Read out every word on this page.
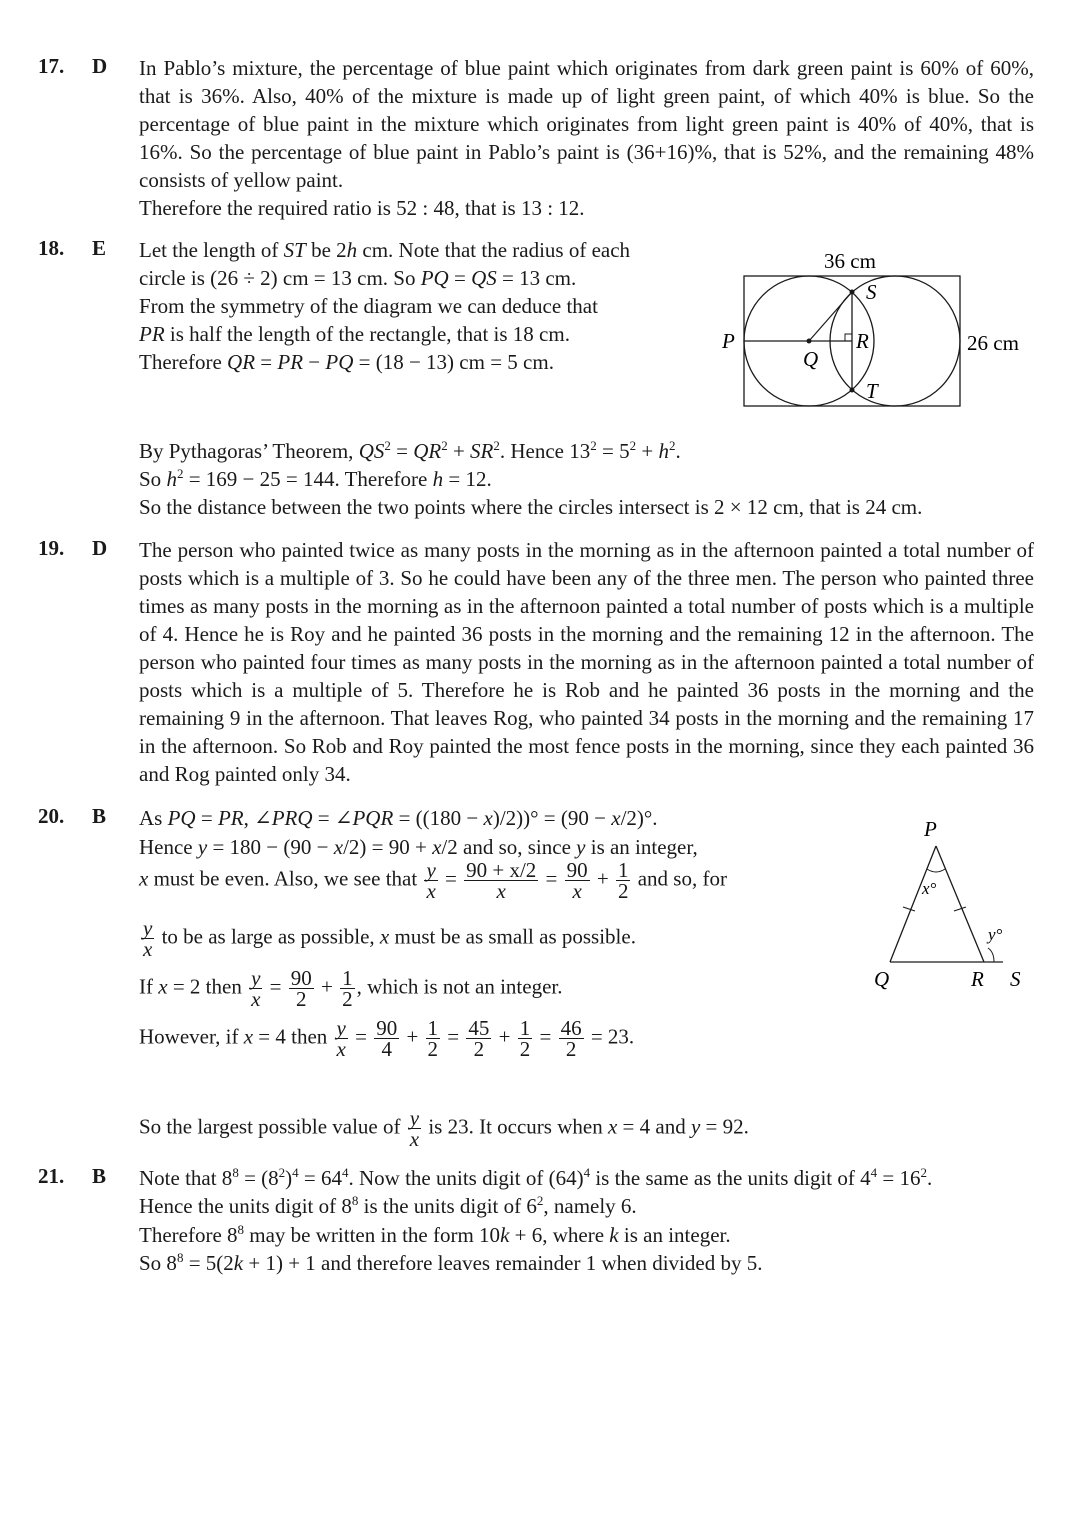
17. D In Pablo’s mixture, the percentage of blue paint which originates from dark green paint is 60% of 60%, that is 36%. Also, 40% of the mixture is made up of light green paint, of which 40% is blue. So the percentage of blue paint in the mixture which originates from light green paint is 40% of 40%, that is 16%. So the percentage of blue paint in Pablo’s paint is (36+16)%, that is 52%, and the remaining 48% consists of yellow paint.

Therefore the required ratio is 52 : 48, that is 13 : 12.

18. E Let the length of ST be 2h cm. Note that the radius of each

circle is (26 ÷ 2) cm = 13 cm. So PQ = QS = 13 cm.

From the symmetry of the diagram we can deduce that

PR is half the length of the rectangle, that is 18 cm.

Therefore QR = PR − PQ = (18 − 13) cm = 5 cm.

36 cm
P
Q
R
S
T
26 cm
By Pythagoras’ Theorem, $QS^2 = QR^2 + SR^2$. Hence $13^2 = 5^2 + h^2$.
So $h^2 = 169 - 25 = 144$. Therefore h = 12.
So the distance between the two points where the circles intersect is 2 × 12 cm, that is 24 cm.
19. D The person who painted twice as many posts in the morning as in the afternoon painted a total number of posts which is a multiple of 3. So he could have been any of the three men. The person who painted three times as many posts in the morning as in the afternoon painted a total number of posts which is a multiple of 4. Hence he is Roy and he painted 36 posts in the morning and the remaining 12 in the afternoon. The person who painted four times as many posts in the morning as in the afternoon painted a total number of posts which is a multiple of 5. Therefore he is Rob and he painted 36 posts in the morning and the remaining 9 in the afternoon. That leaves Rog, who painted 34 posts in the morning and the remaining 17 in the afternoon. So Rob and Roy painted the most fence posts in the morning, since they each painted 36 and Rog painted only 34.

20. B As PQ = PR, ∠PRQ = ∠PQR = ((180 − x)/2))° = (90 − x/2)°.
Hence y = 180 − (90 − x/2) = 90 + x/2 and so, since y is an integer,
x must be even. Also, we see that $\frac{y}{x} = \frac{90 + x/2}{x} = \frac{90}{x} + \frac{1}{2}$ and so, for
$\frac{y}{x}$ to be as large as possible, x must be as small as possible.
If x = 2 then $\frac{y}{x} = \frac{90}{2} + \frac{1}{2}$ , which is not an integer.
However, if x = 4 then $\frac{y}{x} = \frac{90}{4} + \frac{1}{2} = \frac{45}{2} + \frac{1}{2} = \frac{46}{2} = 23$.
So the largest possible value of $\frac{y}{x}$ is 23. It occurs when x = 4 and y = 92.
P
x°
y°
Q	R S
21. B Note that $8^8 = (8^2)^4 = 64^4$. Now the units digit of $(64)^4$ is the same as the units digit of $4^4 = 16^2$.
Hence the units digit of $8^8$ is the units digit of $6^2$, namely 6.
Therefore $8^8$ may be written in the form 10k + 6, where k is an integer.
So $8^8 = 5(2k + 1) + 1$ and therefore leaves remainder 1 when divided by 5.
